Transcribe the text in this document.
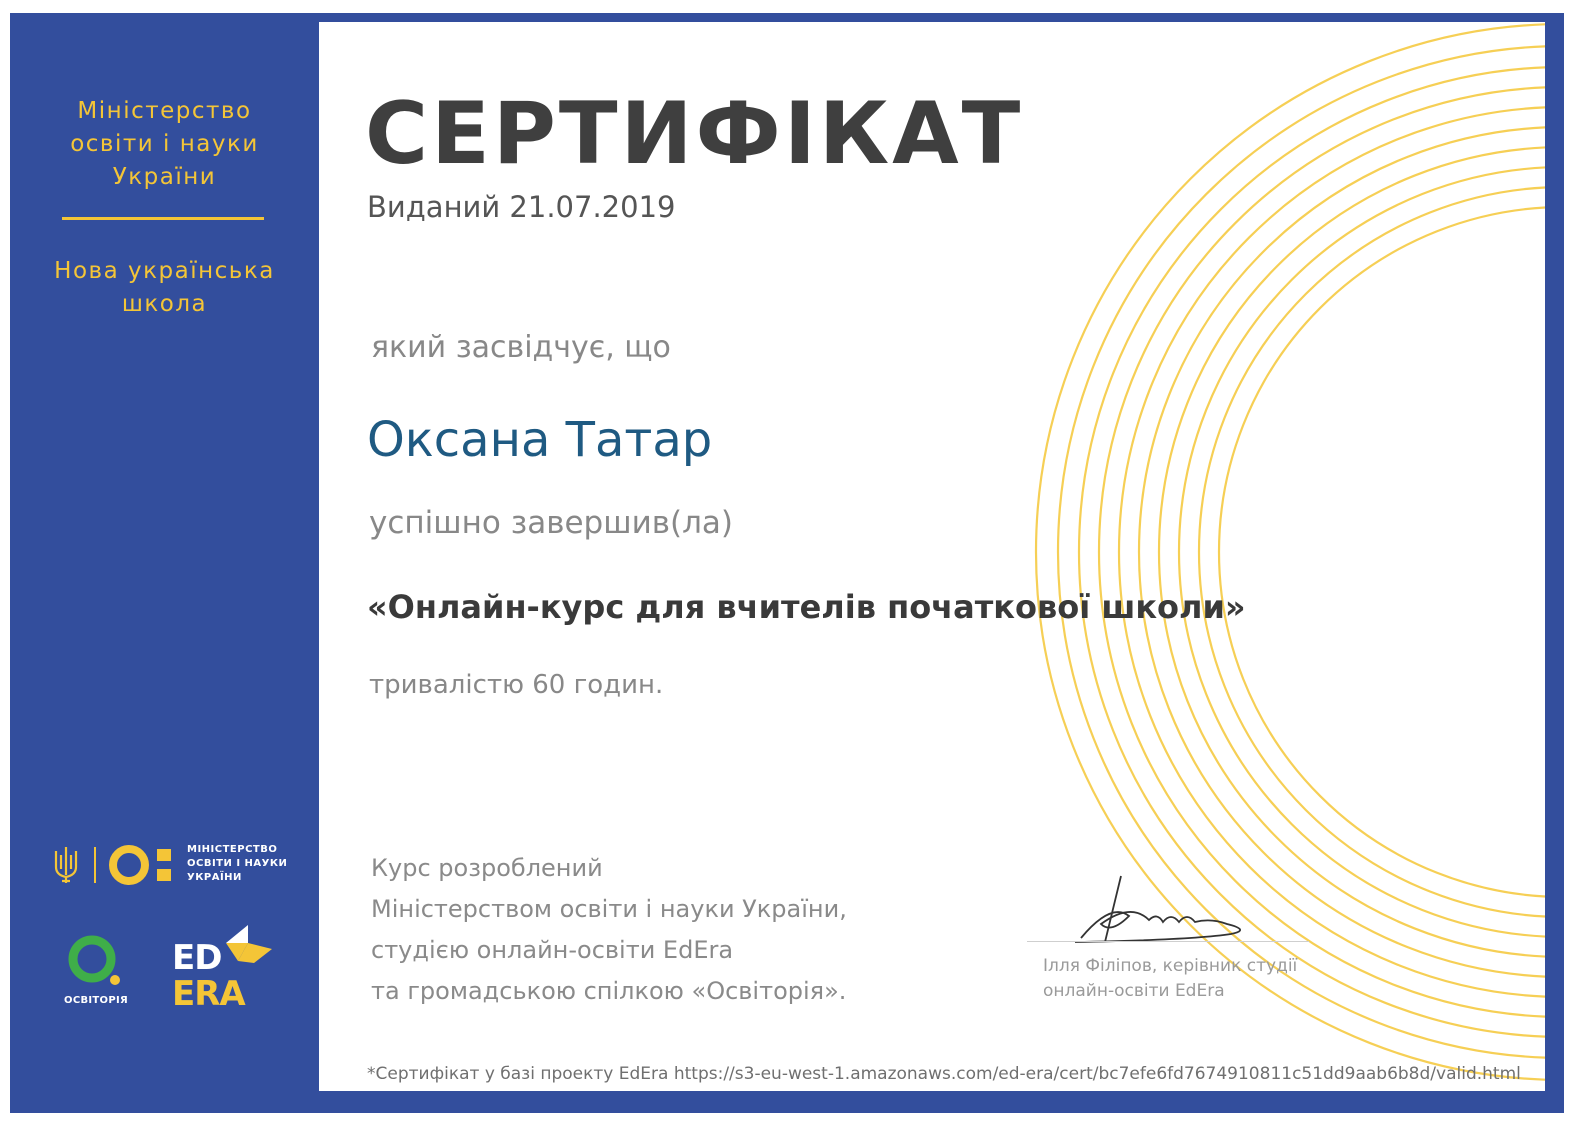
Міністерство
освіти і науки
України
Нова українська
школа
МІНІСТЕРСТВО
ОСВІТИ І НАУКИ
УКРАЇНИ
ОСВІТОРІЯ
ED
ERA
СЕРТИФІКАТ
Виданий 21.07.2019
який засвідчує, що
Оксана Татар
успішно завершив(ла)
«Онлайн-курс для вчителів початкової школи»
тривалістю 60 годин.
Курс розроблений
Міністерством освіти і науки України,
студією онлайн-освіти EdEra
та громадською спілкою «Освіторія».
Ілля Філіпов, керівник студії
онлайн-освіти EdEra
*Сертифікат у базі проекту EdEra https://s3-eu-west-1.amazonaws.com/ed-era/cert/bc7efe6fd7674910811c51dd9aab6b8d/valid.html
